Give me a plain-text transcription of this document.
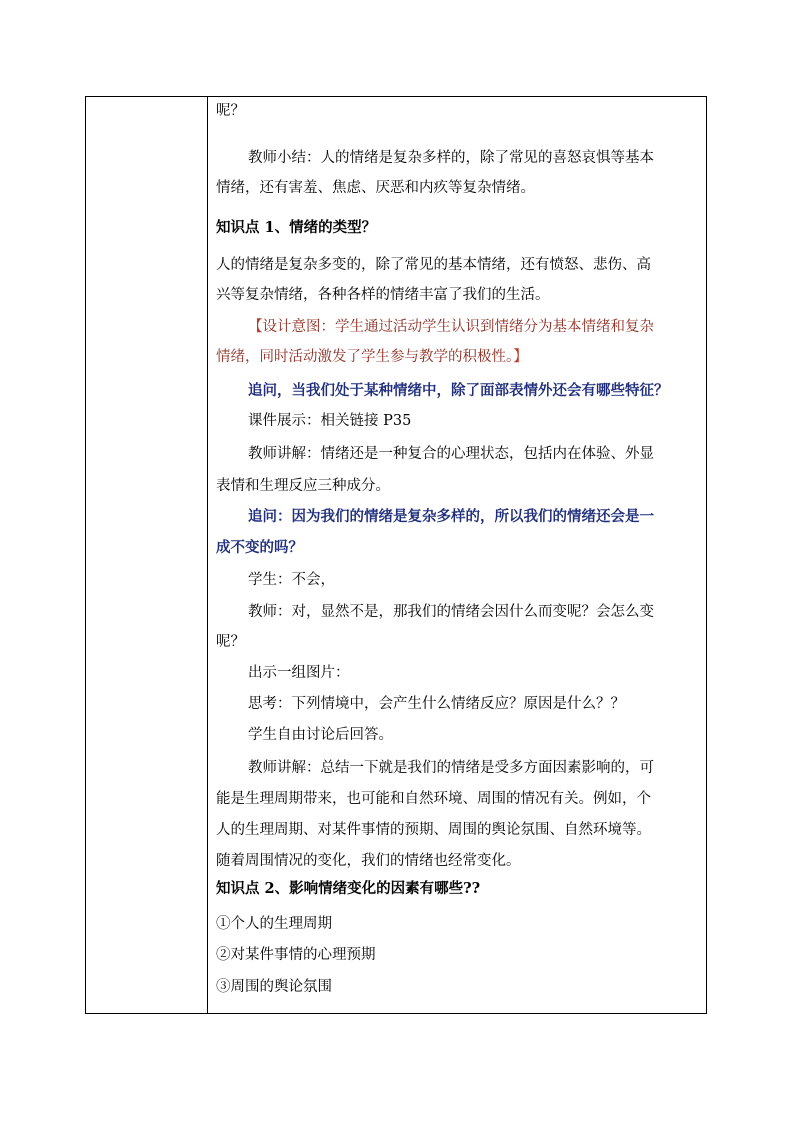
呢？
教师小结：人的情绪是复杂多样的，除了常见的喜怒哀惧等基本
情绪，还有害羞、焦虑、厌恶和内疚等复杂情绪。
知识点 1、情绪的类型？
人的情绪是复杂多变的，除了常见的基本情绪，还有愤怒、悲伤、高
兴等复杂情绪，各种各样的情绪丰富了我们的生活。
【设计意图：学生通过活动学生认识到情绪分为基本情绪和复杂
情绪，同时活动激发了学生参与教学的积极性。】
追问，当我们处于某种情绪中，除了面部表情外还会有哪些特征？
课件展示：相关链接 P35
教师讲解：情绪还是一种复合的心理状态，包括内在体验、外显
表情和生理反应三种成分。
追问：因为我们的情绪是复杂多样的，所以我们的情绪还会是一
成不变的吗？
学生：不会，
教师：对，显然不是，那我们的情绪会因什么而变呢？会怎么变
呢？
出示一组图片：
思考：下列情境中，会产生什么情绪反应？原因是什么？？
学生自由讨论后回答。
教师讲解：总结一下就是我们的情绪是受多方面因素影响的，可
能是生理周期带来，也可能和自然环境、周围的情况有关。例如，个
人的生理周期、对某件事情的预期、周围的舆论氛围、自然环境等。
随着周围情况的变化，我们的情绪也经常变化。
知识点 2、影响情绪变化的因素有哪些??
①个人的生理周期
②对某件事情的心理预期
③周围的舆论氛围
